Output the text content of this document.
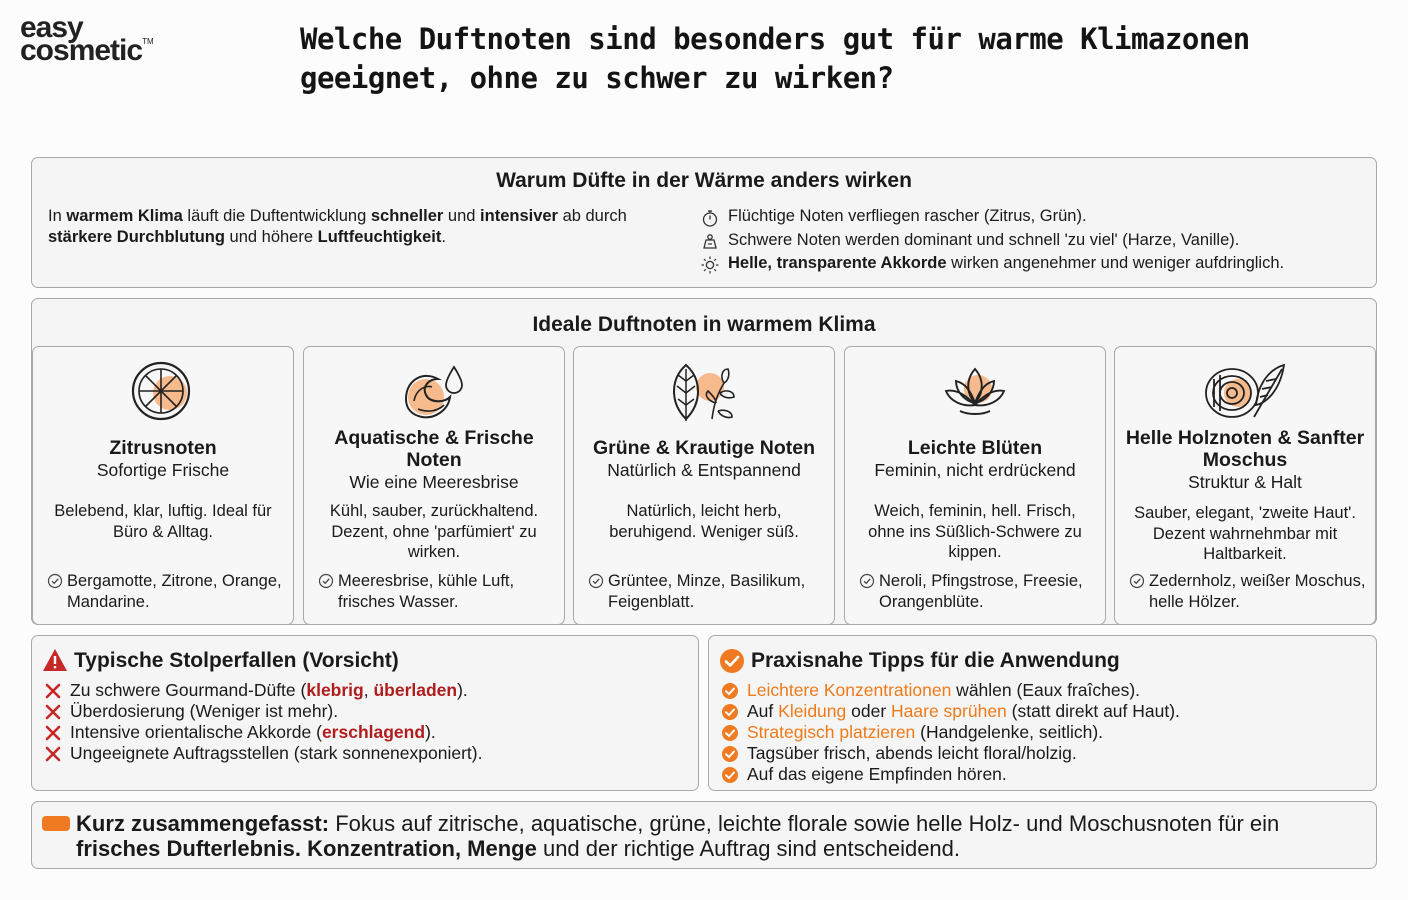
easy
cosmetic™	Welche Duftnoten sind besonders gut für warme Klimazonen geeignet, ohne zu schwer zu wirken?
Warum Düfte in der Wärme anders wirken
In warmem Klima läuft die Duftentwicklung schneller und intensiver ab durch stärkere Durchblutung und höhere Luftfeuchtigkeit.
Flüchtige Noten verfliegen rascher (Zitrus, Grün).
Schwere Noten werden dominant und schnell 'zu viel' (Harze, Vanille).
Helle, transparente Akkorde wirken angenehmer und weniger aufdringlich.
Ideale Duftnoten in warmem Klima
Zitrusnoten
Sofortige Frische
Belebend, klar, luftig. Ideal für Büro & Alltag.
Bergamotte, Zitrone, Orange, Mandarine.
Aquatische & Frische Noten
Wie eine Meeresbrise
Kühl, sauber, zurückhaltend. Dezent, ohne 'parfümiert' zu wirken.
Meeresbrise, kühle Luft, frisches Wasser.
Grüne & Krautige Noten
Natürlich & Entspannend
Natürlich, leicht herb, beruhigend. Weniger süß.
Grüntee, Minze, Basilikum, Feigenblatt.
Leichte Blüten
Feminin, nicht erdrückend
Weich, feminin, hell. Frisch, ohne ins Süßlich-Schwere zu kippen.
Neroli, Pfingstrose, Freesie, Orangenblüte.
Helle Holznoten & Sanfter Moschus
Struktur & Halt
Sauber, elegant, 'zweite Haut'. Dezent wahrnehmbar mit Haltbarkeit.
Zedernholz, weißer Moschus, helle Hölzer.
Typische Stolperfallen (Vorsicht)
Zu schwere Gourmand-Düfte (klebrig, überladen).
Überdosierung (Weniger ist mehr).
Intensive orientalische Akkorde (erschlagend).
Ungeeignete Auftragsstellen (stark sonnenexponiert).
Praxisnahe Tipps für die Anwendung
Leichtere Konzentrationen wählen (Eaux fraîches).
Auf Kleidung oder Haare sprühen (statt direkt auf Haut).
Strategisch platzieren (Handgelenke, seitlich).
Tagsüber frisch, abends leicht floral/holzig.
Auf das eigene Empfinden hören.
Kurz zusammengefasst: Fokus auf zitrische, aquatische, grüne, leichte florale sowie helle Holz- und Moschusnoten für ein frisches Dufterlebnis. Konzentration, Menge und der richtige Auftrag sind entscheidend.
